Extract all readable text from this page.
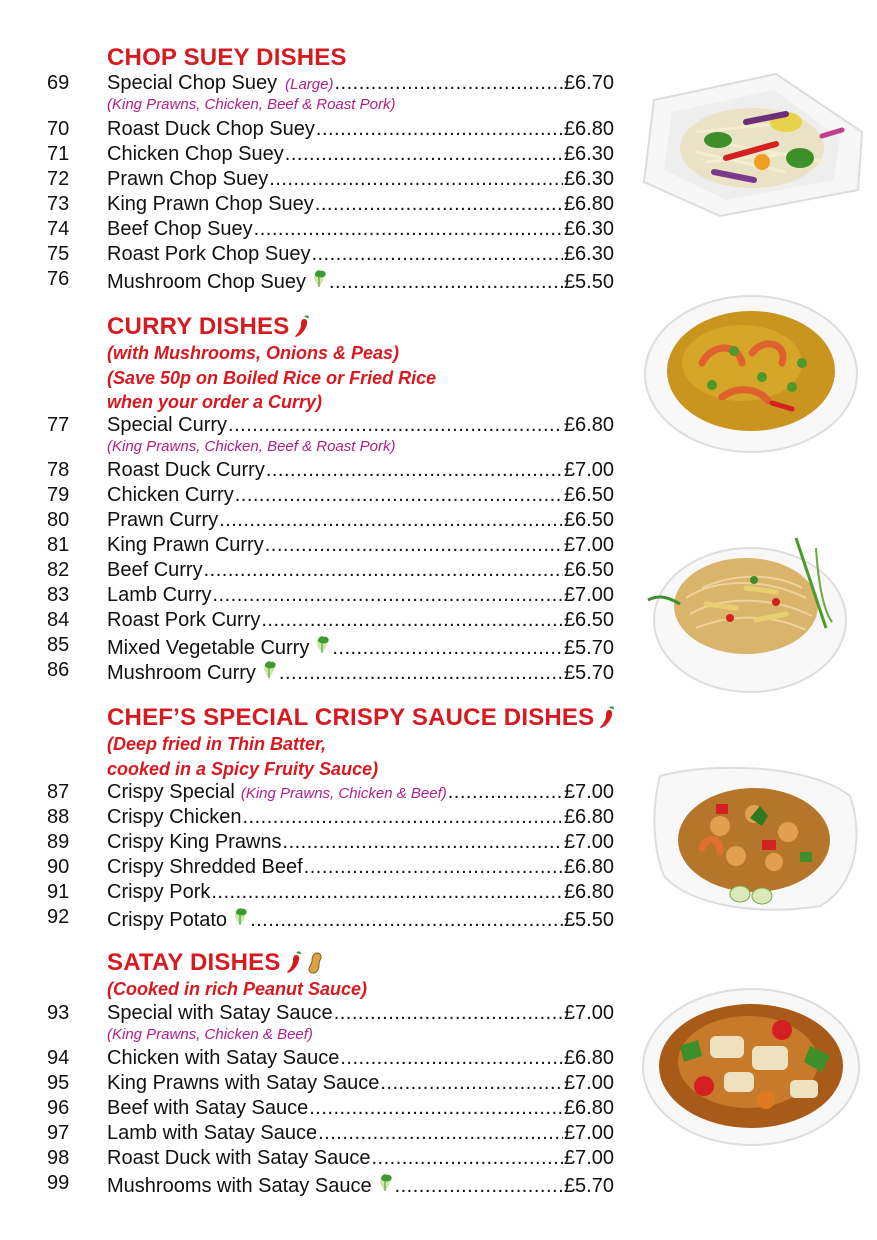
CHOP SUEY DISHES
69 Special Chop Suey (Large) .....	£6.70
(King Prawns, Chicken, Beef & Roast Pork)
70 Roast Duck Chop Suey .....	£6.80
71 Chicken Chop Suey .....	£6.30
72 Prawn Chop Suey .....	£6.30
73 King Prawn Chop Suey .....	£6.80
74 Beef Chop Suey .....	£6.30
75 Roast Pork Chop Suey .....	£6.30
76 Mushroom Chop Suey .....	£5.50
CURRY DISHES
(with Mushrooms, Onions & Peas)
(Save 50p on Boiled Rice or Fried Rice
when your order a Curry)
77 Special Curry .....	£6.80
(King Prawns, Chicken, Beef & Roast Pork)
78 Roast Duck Curry .....	£7.00
79 Chicken Curry .....	£6.50
80 Prawn Curry .....	£6.50
81 King Prawn Curry .....	£7.00
82 Beef Curry .....	£6.50
83 Lamb Curry .....	£7.00
84 Roast Pork Curry .....	£6.50
85 Mixed Vegetable Curry .....	£5.70
86 Mushroom Curry .....	£5.70
CHEF’S SPECIAL CRISPY SAUCE DISHES
(Deep fried in Thin Batter,
cooked in a Spicy Fruity Sauce)
87 Crispy Special (King Prawns, Chicken & Beef) .....	£7.00
88 Crispy Chicken .....	£6.80
89 Crispy King Prawns .....	£7.00
90 Crispy Shredded Beef .....	£6.80
91 Crispy Pork .....	£6.80
92 Crispy Potato .....	£5.50
SATAY DISHES
(Cooked in rich Peanut Sauce)
93 Special with Satay Sauce .....	£7.00
(King Prawns, Chicken & Beef)
94 Chicken with Satay Sauce .....	£6.80
95 King Prawns with Satay Sauce .....	£7.00
96 Beef with Satay Sauce .....	£6.80
97 Lamb with Satay Sauce .....	£7.00
98 Roast Duck with Satay Sauce .....	£7.00
99 Mushrooms with Satay Sauce .....	£5.70
